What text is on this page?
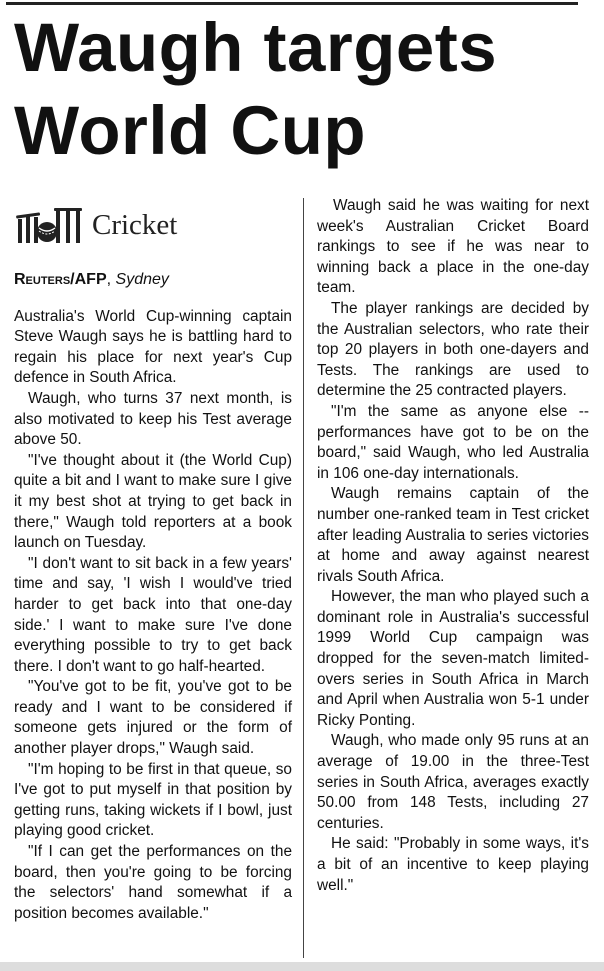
Waugh targets World Cup
Cricket
Reuters/AFP, Sydney

Australia's World Cup-winning captain Steve Waugh says he is battling hard to regain his place for next year's Cup defence in South Africa.

Waugh, who turns 37 next month, is also motivated to keep his Test average above 50.

"I've thought about it (the World Cup) quite a bit and I want to make sure I give it my best shot at trying to get back in there," Waugh told reporters at a book launch on Tuesday.

"I don't want to sit back in a few years' time and say, 'I wish I would've tried harder to get back into that one-day side.' I want to make sure I've done everything possible to try to get back there. I don't want to go half-hearted.

"You've got to be fit, you've got to be ready and I want to be considered if someone gets injured or the form of another player drops," Waugh said.

"I'm hoping to be first in that queue, so I've got to put myself in that position by getting runs, taking wickets if I bowl, just playing good cricket.

"If I can get the performances on the board, then you're going to be forcing the selectors' hand somewhat if a position becomes available."

Waugh said he was waiting for next week's Australian Cricket Board rankings to see if he was near to winning back a place in the one-day team.

The player rankings are decided by the Australian selectors, who rate their top 20 players in both one-dayers and Tests. The rankings are used to determine the 25 contracted players.

"I'm the same as anyone else -- performances have got to be on the board," said Waugh, who led Australia in 106 one-day internationals.

Waugh remains captain of the number one-ranked team in Test cricket after leading Australia to series victories at home and away against nearest rivals South Africa.

However, the man who played such a dominant role in Australia's successful 1999 World Cup campaign was dropped for the seven-match limited-overs series in South Africa in March and April when Australia won 5-1 under Ricky Ponting.

Waugh, who made only 95 runs at an average of 19.00 in the three-Test series in South Africa, averages exactly 50.00 from 148 Tests, including 27 centuries.

He said: "Probably in some ways, it's a bit of an incentive to keep playing well."
